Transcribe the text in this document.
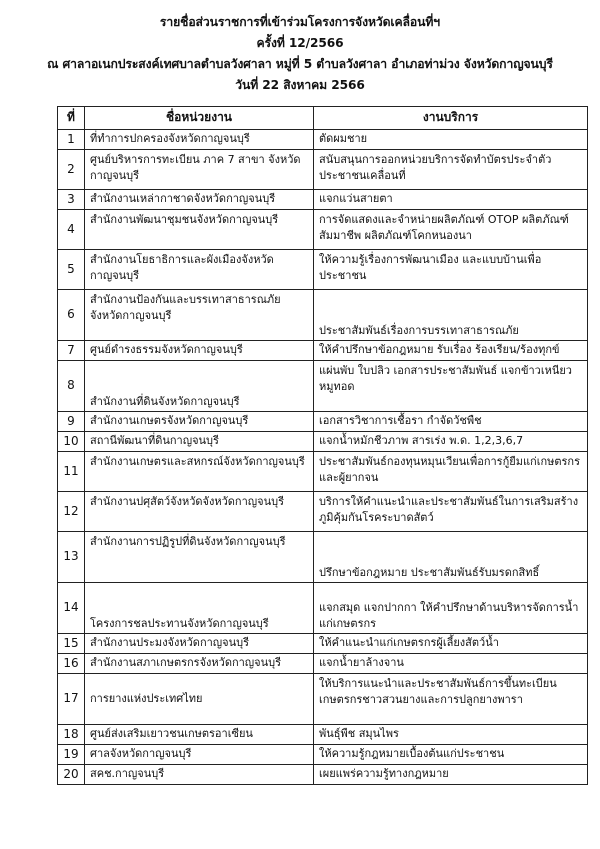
รายชื่อส่วนราชการที่เข้าร่วมโครงการจังหวัดเคลื่อนที่ฯ
ครั้งที่ 12/2566
ณ ศาลาอเนกประสงค์เทศบาลตำบลวังศาลา หมู่ที่ 5 ตำบลวังศาลา อำเภอท่าม่วง จังหวัดกาญจนบุรี
วันที่ 22 สิงหาคม 2566
ที่	ชื่อหน่วยงาน	งานบริการ
1	ที่ทำการปกครองจังหวัดกาญจนบุรี	ตัดผมชาย
2	ศูนย์บริหารการทะเบียน ภาค 7 สาขา จังหวัดกาญจนบุรี	สนับสนุนการออกหน่วยบริการจัดทำบัตรประจำตัวประชาชนเคลื่อนที่
3	สำนักงานเหล่ากาชาดจังหวัดกาญจนบุรี	แจกแว่นสายตา
4	สำนักงานพัฒนาชุมชนจังหวัดกาญจนบุรี	การจัดแสดงและจำหน่ายผลิตภัณฑ์ OTOP ผลิตภัณฑ์สัมมาชีพ ผลิตภัณฑ์โคกหนองนา
5	สำนักงานโยธาธิการและผังเมืองจังหวัดกาญจนบุรี	ให้ความรู้เรื่องการพัฒนาเมือง และแบบบ้านเพื่อประชาชน
6	สำนักงานป้องกันและบรรเทาสาธารณภัยจังหวัดกาญจนบุรี	ประชาสัมพันธ์เรื่องการบรรเทาสาธารณภัย
7	ศูนย์ดำรงธรรมจังหวัดกาญจนบุรี	ให้คำปรึกษาข้อกฎหมาย รับเรื่อง ร้องเรียน/ร้องทุกข์
8	สำนักงานที่ดินจังหวัดกาญจนบุรี	แผ่นพับ ใบปลิว เอกสารประชาสัมพันธ์ แจกข้าวเหนียวหมูทอด
9	สำนักงานเกษตรจังหวัดกาญจนบุรี	เอกสารวิชาการเชื้อรา กำจัดวัชพืช
10	สถานีพัฒนาที่ดินกาญจนบุรี	แจกน้ำหมักชีวภาพ สารเร่ง พ.ด. 1,2,3,6,7
11	สำนักงานเกษตรและสหกรณ์จังหวัดกาญจนบุรี	ประชาสัมพันธ์กองทุนหมุนเวียนเพื่อการกู้ยืมแก่เกษตรกรและผู้ยากจน
12	สำนักงานปศุสัตว์จังหวัดจังหวัดกาญจนบุรี	บริการให้คำแนะนำและประชาสัมพันธ์ในการเสริมสร้างภูมิคุ้มกันโรคระบาดสัตว์
13	สำนักงานการปฏิรูปที่ดินจังหวัดกาญจนบุรี	ปรึกษาข้อกฎหมาย ประชาสัมพันธ์รับมรดกสิทธิ์
14	โครงการชลประทานจังหวัดกาญจนบุรี	แจกสมุด แจกปากกา ให้คำปรึกษาด้านบริหารจัดการน้ำแก่เกษตรกร
15	สำนักงานประมงจังหวัดกาญจนบุรี	ให้คำแนะนำแก่เกษตรกรผู้เลี้ยงสัตว์น้ำ
16	สำนักงานสภาเกษตรกรจังหวัดกาญจนบุรี	แจกน้ำยาล้างจาน
17	การยางแห่งประเทศไทย	ให้บริการแนะนำและประชาสัมพันธ์การขึ้นทะเบียนเกษตรกรชาวสวนยางและการปลูกยางพารา
18	ศูนย์ส่งเสริมเยาวชนเกษตรอาเซียน	พันธุ์พืช สมุนไพร
19	ศาลจังหวัดกาญจนบุรี	ให้ความรู้กฎหมายเบื้องต้นแก่ประชาชน
20	สคช.กาญจนบุรี	เผยแพร่ความรู้ทางกฎหมาย
